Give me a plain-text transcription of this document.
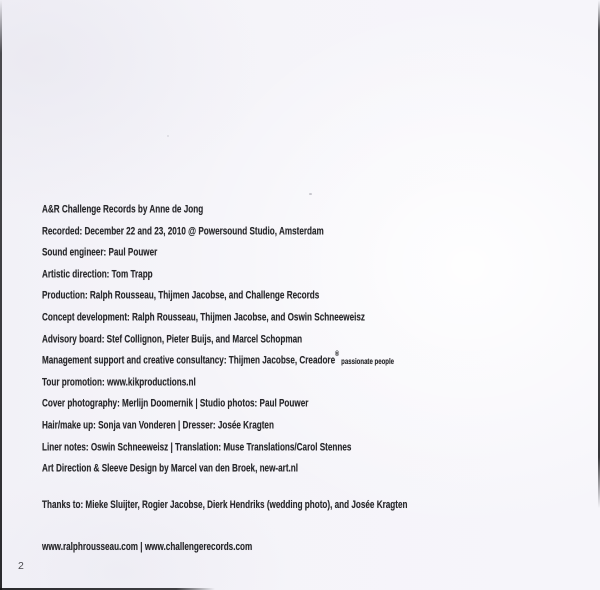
A&R Challenge Records by Anne de Jong
Recorded: December 22 and 23, 2010 @ Powersound Studio, Amsterdam
Sound engineer: Paul Pouwer
Artistic direction: Tom Trapp
Production: Ralph Rousseau, Thijmen Jacobse, and Challenge Records
Concept development: Ralph Rousseau, Thijmen Jacobse, and Oswin Schneeweisz
Advisory board: Stef Collignon, Pieter Buijs, and Marcel Schopman
Management support and creative consultancy: Thijmen Jacobse, Creadore®passionate people
Tour promotion: www.kikproductions.nl
Cover photography: Merlijn Doomernik | Studio photos: Paul Pouwer
Hair/make up: Sonja van Vonderen | Dresser: Josée Kragten
Liner notes: Oswin Schneeweisz | Translation: Muse Translations/Carol Stennes
Art Direction & Sleeve Design by Marcel van den Broek, new-art.nl
Thanks to: Mieke Sluijter, Rogier Jacobse, Dierk Hendriks (wedding photo), and Josée Kragten
www.ralphrousseau.com | www.challengerecords.com
2
